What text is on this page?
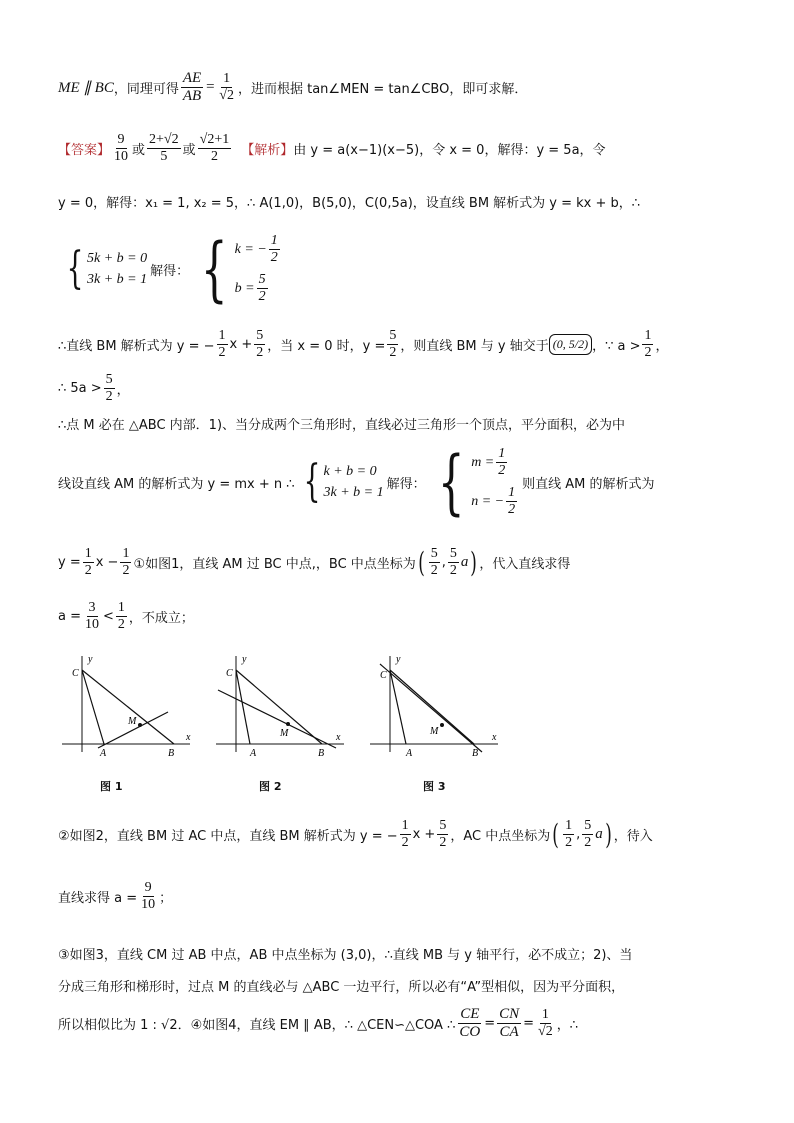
ME ∥ BC ，同理可得 $\frac{AE}{AB} = \frac{1}{√2}$ ，进而根据 tan∠MEN = tan∠CBO，即可求解．
【答案】 $\frac{9}{10}$ 或 $\frac{2+√2}{5}$ 或 $\frac{√2+1}{2}$ 【解析】 由 y = a(x−1)(x−5)，令 x = 0，解得：y = 5a，令
y = 0，解得：x₁ = 1, x₂ = 5，∴ A(1,0)，B(5,0)，C(0,5a)，设直线 BM 解析式为 y = kx + b，∴
{ 5k + b = 0
3k + b = 1
解得： { k = − $\frac{1}{2}$
$b = \frac{5}{2}$
∴直线 BM 解析式为 y = − $\frac{1}{2}$ $x + \frac{5}{2}$ ，当 x = 0 时，$y = \frac{5}{2}$ ，则直线 BM 与 y 轴交于 (0, 5/2) ，∵ $a > \frac{1}{2}$ ，
∴ $5a > \frac{5}{2}$ ，
∴点 M 必在 △ABC 内部．1)、当分成两个三角形时，直线必过三角形一个顶点，平分面积，必为中
线设直线 AM 的解析式为 y = mx + n ∴ { k + b = 0
3k + b = 1
解得： { $m = \frac{1}{2}$
n = − $\frac{1}{2}$
则直线 AM 的解析式为
$y = \frac{1}{2}$ $x - \frac{1}{2}$ ①如图1，直线 AM 过 BC 中点,，BC 中点坐标为 ( $\frac{5}{2}$ , $\frac{5}{2}$ a ) ，代入直线求得
$a = \frac{3}{10} < \frac{1}{2}$ ，不成立；
y
x
C
A	B
M
图 1
y
x
C
A	B
M
图 2
y
x
C
A	B
M
图 3
②如图2，直线 BM 过 AC 中点，直线 BM 解析式为 y = − $\frac{1}{2}$ $x + \frac{5}{2}$ ，AC 中点坐标为 ( $\frac{1}{2}$ , $\frac{5}{2}$ a ) ，待入
直线求得 $a = \frac{9}{10}$ ；
③如图3，直线 CM 过 AB 中点，AB 中点坐标为 (3,0)，∴直线 MB 与 y 轴平行，必不成立；2)、当
分成三角形和梯形时，过点 M 的直线必与 △ABC 一边平行，所以必有“A”型相似，因为平分面积，
所以相似比为 1 : √2．④如图4，直线 EM ∥ AB，∴ △CEN∽△COA ∴ $\frac{CE}{CO} = \frac{CN}{CA} = \frac{1}{√2}$ ，∴
